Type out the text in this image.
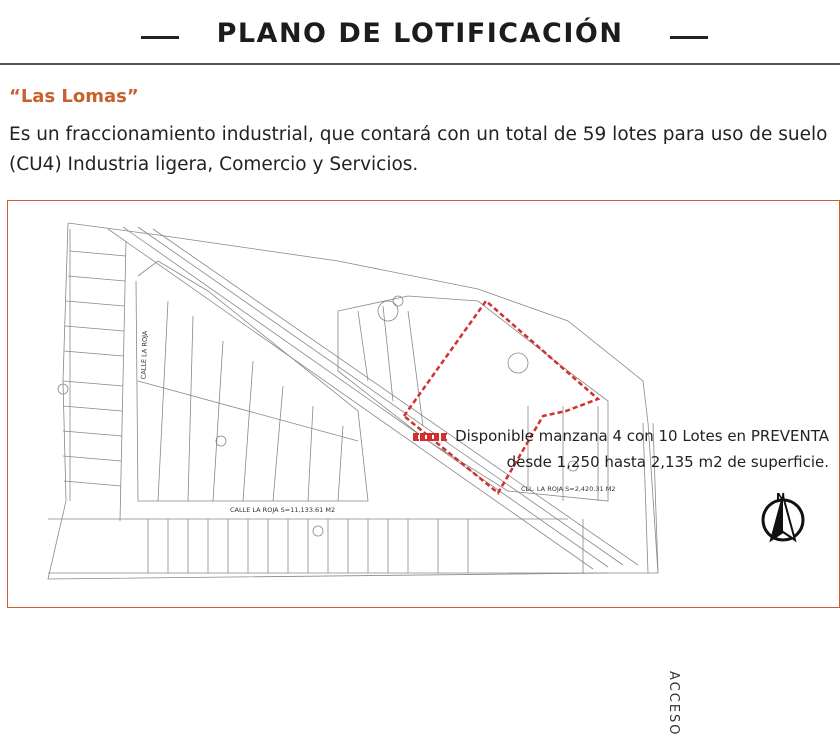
PLANO DE LOTIFICACIÓN
“Las Lomas”
Es un fraccionamiento industrial, que contará con un total de 59 lotes para uso de suelo (CU4) Industria ligera, Comercio y Servicios.
Disponible manzana 4 con 10 Lotes en PREVENTA
desde 1,250 hasta 2,135 m2 de superficie.
N
ACCESO
CALLE LA ROJA S=11,133.61 M2
CLL. LA ROJA S=2,420.31 M2
CALLE LA ROJA
